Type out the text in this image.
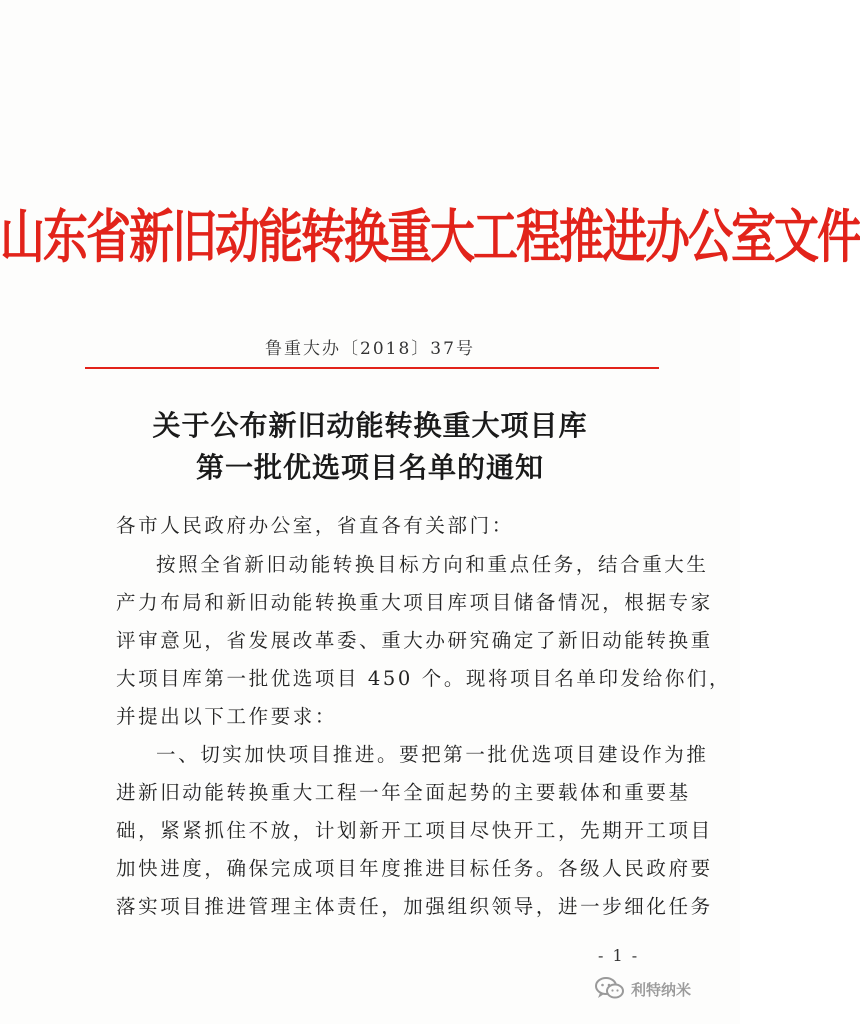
山东省新旧动能转换重大工程推进办公室文件
鲁重大办〔2018〕37号
关于公布新旧动能转换重大项目库
第一批优选项目名单的通知
各市人民政府办公室，省直各有关部门：
按照全省新旧动能转换目标方向和重点任务，结合重大生
产力布局和新旧动能转换重大项目库项目储备情况，根据专家
评审意见，省发展改革委、重大办研究确定了新旧动能转换重
大项目库第一批优选项目 450 个。现将项目名单印发给你们，
并提出以下工作要求：
一、切实加快项目推进。要把第一批优选项目建设作为推
进新旧动能转换重大工程一年全面起势的主要载体和重要基
础，紧紧抓住不放，计划新开工项目尽快开工，先期开工项目
加快进度，确保完成项目年度推进目标任务。各级人民政府要
落实项目推进管理主体责任，加强组织领导，进一步细化任务
- 1 -
利特纳米
